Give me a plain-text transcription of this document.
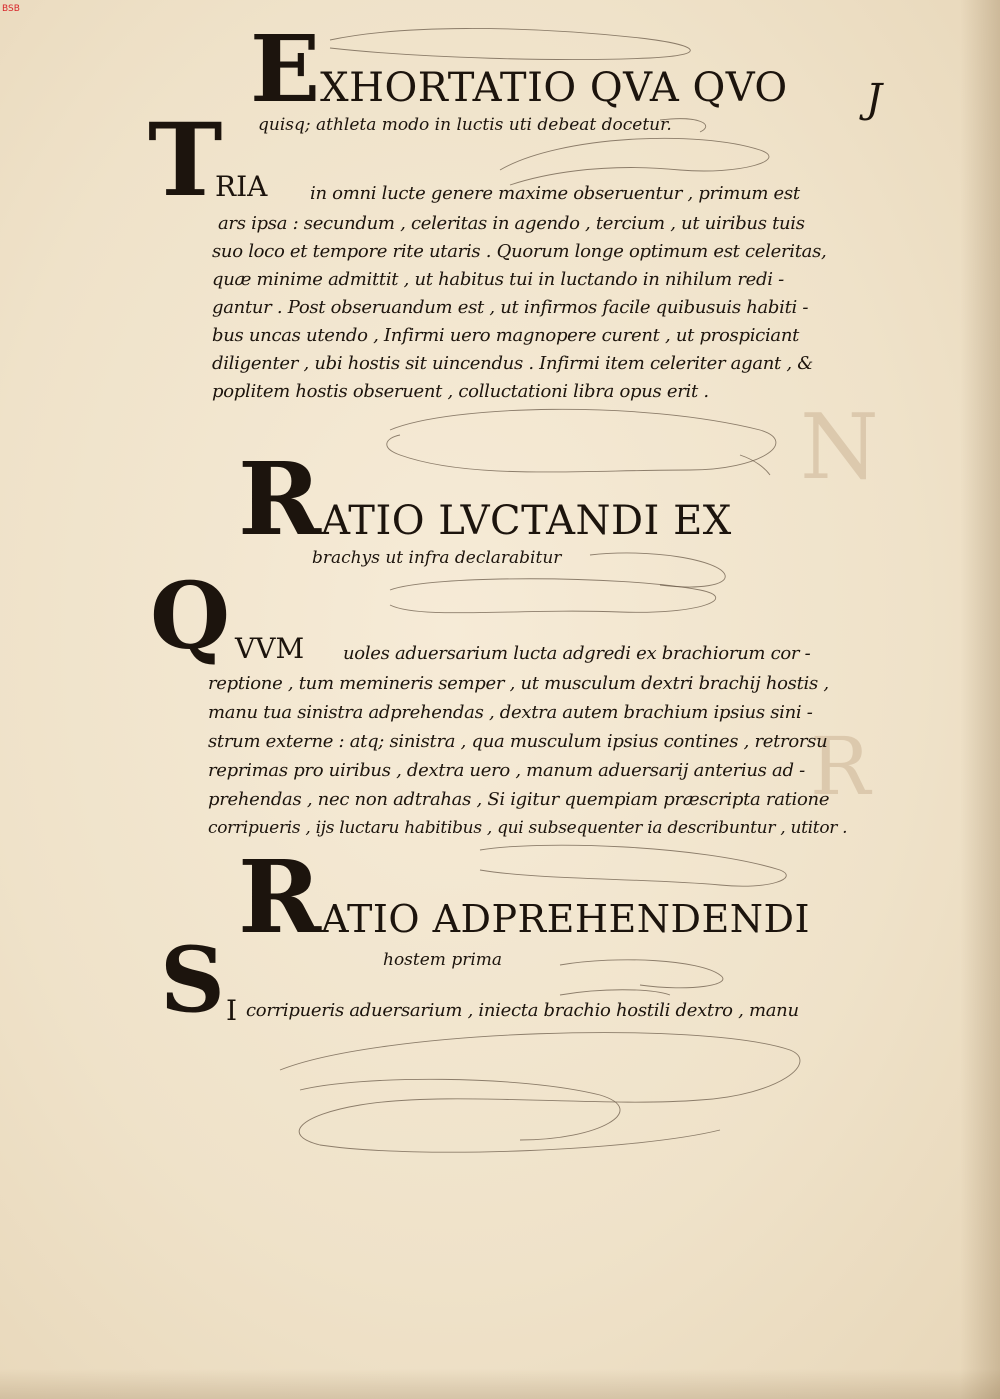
N
R
BSB
J
EXHORTATIO QVA QVO
quisq; athleta modo in luctis uti debeat docetur.
T
RIA in omni lucte genere maxime obseruentur , primum est
ars ipsa : secundum , celeritas in agendo , tercium , ut uiribus tuis
suo loco et tempore rite utaris . Quorum longe optimum est celeritas,
quæ minime admittit , ut habitus tui in luctando in nihilum redi -
gantur . Post obseruandum est , ut infirmos facile quibusuis habiti -
bus uncas utendo , Infirmi uero magnopere curent , ut prospiciant
diligenter , ubi hostis sit uincendus . Infirmi item celeriter agant , &
poplitem hostis obseruent , colluctationi libra opus erit .
RATIO LVCTANDI EX
brachys ut infra declarabitur
Q VVM uoles aduersarium lucta adgredi ex brachiorum cor -
reptione , tum memineris semper , ut musculum dextri brachij hostis ,
manu tua sinistra adprehendas , dextra autem brachium ipsius sini -
strum externe : atq; sinistra , qua musculum ipsius contines , retrorsu
reprimas pro uiribus , dextra uero , manum aduersarij anterius ad -
prehendas , nec non adtrahas , Si igitur quempiam præscripta ratione
corripueris , ijs luctaru habitibus , qui subsequenter ia describuntur , utitor .
RATIO ADPREHENDENDI
hostem prima
S I corripueris aduersarium , iniecta brachio hostili dextro , manu
